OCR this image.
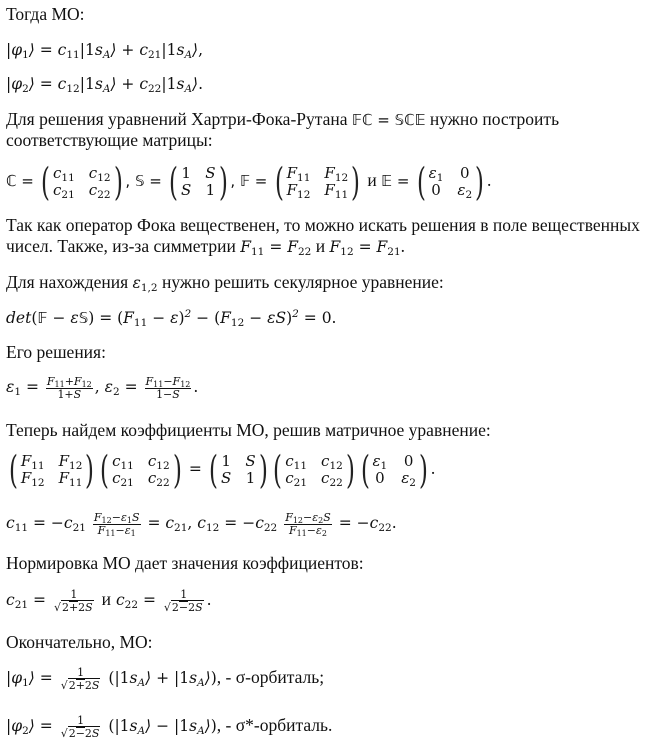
Тогда МО:
$|\varphi_1⟩$ = $c_{11}|1s_A⟩$ + $c_{21}|1s_A⟩$,
$|\varphi_2⟩$ = $c_{12}|1s_A⟩$ + $c_{22}|1s_A⟩$.
Для решения уравнений Хартри-Фока-Рутана 𝔽ℂ = 𝕊ℂ𝔼 нужно построить
соответствующие матрицы:
ℂ = ( $c_{11}$ $c_{12}$
$c_{21}$ $c_{22}$ ) , 𝕊 = ( 1 S
S 1 ) , 𝔽 = ( $F_{11}$ $F_{12}$
$F_{12}$ $F_{11}$ ) и 𝔼 = ( $\varepsilon_1$ 0
0 $\varepsilon_2$ ) .
Так как оператор Фока вещественен, то можно искать решения в поле вещественных
чисел. Также, из-за симметрии $F_{11} = F_{22}$ и $F_{12} = F_{21}$.
Для нахождения $\varepsilon_{1,2}$ нужно решить секулярное уравнение:
det(𝔽 − ε𝕊) = $(F_{11} - \varepsilon)^2 - (F_{12} - \varepsilon S)^2 = 0$.
Его решения:
$\varepsilon_1 = \frac{F_{11}+F_{12}}{1+S}$ , $\varepsilon_2 = \frac{F_{11}-F_{12}}{1-S}$ .
Теперь найдем коэффициенты МО, решив матричное уравнение:
( $F_{11}$ $F_{12}$
$F_{12}$ $F_{11}$ ) ( $c_{11}$ $c_{12}$
$c_{21}$ $c_{22}$ ) = ( 1 S
S 1 ) ( $c_{11}$ $c_{12}$
$c_{21}$ $c_{22}$ ) ( $\varepsilon_1$ 0
0 $\varepsilon_2$ ) .
$c_{11} = -c_{21} \frac{F_{12}-\varepsilon_1S}{F_{11}-\varepsilon_1} = c_{21}$, $c_{12} = -c_{22} \frac{F_{12}-\varepsilon_2S}{F_{11}-\varepsilon_2} = -c_{22}$.
Нормировка МО дает значения коэффициентов:
$c_{21} = \frac{1}{√2+2S}$ и $c_{22} = \frac{1}{√2-2S}$ .
Окончательно, МО:
$|\varphi_1⟩ = \frac{1}{√2+2S}$ ($|1s_A⟩$ + $|1s_A⟩$), - σ-орбиталь;
$|\varphi_2⟩ = \frac{1}{√2-2S}$ ($|1s_A⟩$ − $|1s_A⟩$), - σ*-орбиталь.
